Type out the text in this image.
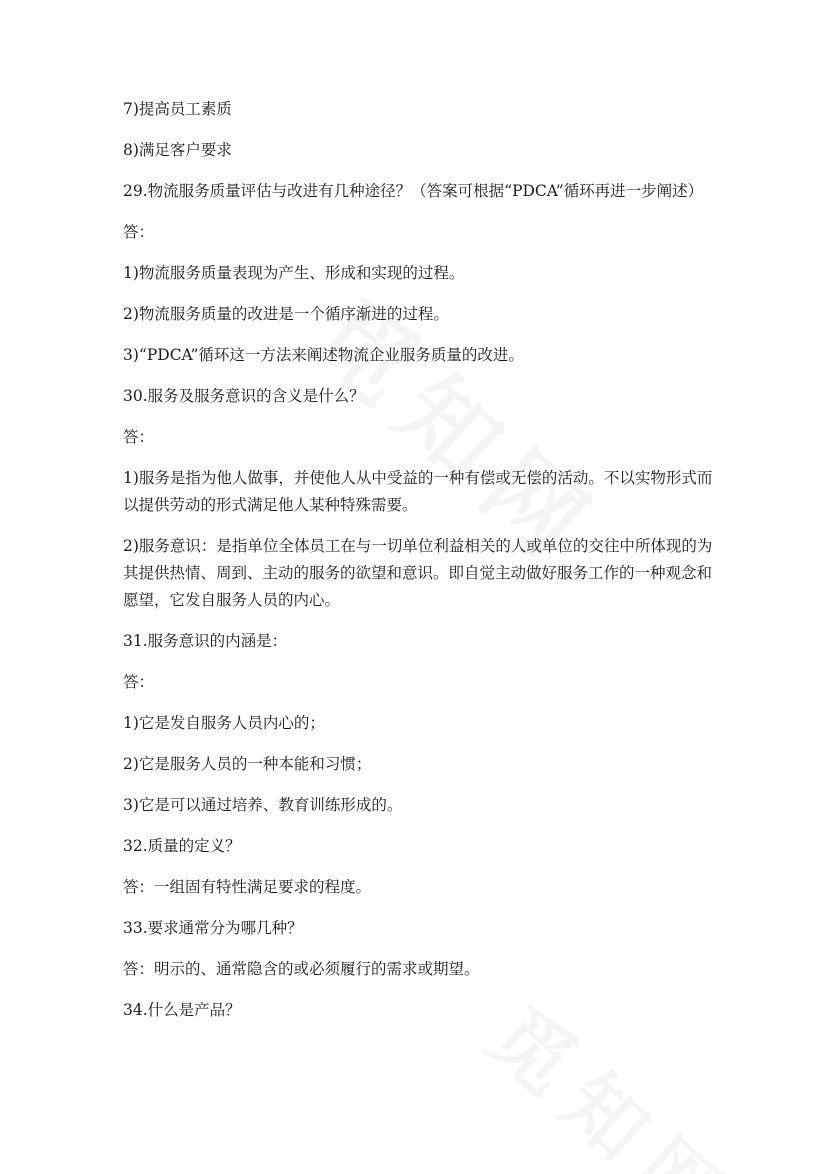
7)提高员工素质

8)满足客户要求

29.物流服务质量评估与改进有几种途径？（答案可根据“PDCA”循环再进一步阐述）

答：

1)物流服务质量表现为产生、形成和实现的过程。

2)物流服务质量的改进是一个循序渐进的过程。

3)“PDCA”循环这一方法来阐述物流企业服务质量的改进。

30.服务及服务意识的含义是什么？

答：

1)服务是指为他人做事，并使他人从中受益的一种有偿或无偿的活动。不以实物形式而以提供劳动的形式满足他人某种特殊需要。

2)服务意识：是指单位全体员工在与一切单位利益相关的人或单位的交往中所体现的为其提供热情、周到、主动的服务的欲望和意识。即自觉主动做好服务工作的一种观念和愿望，它发自服务人员的内心。

31.服务意识的内涵是：

答：

1)它是发自服务人员内心的；

2)它是服务人员的一种本能和习惯；

3)它是可以通过培养、教育训练形成的。

32.质量的定义？

答：一组固有特性满足要求的程度。

33.要求通常分为哪几种？

答：明示的、通常隐含的或必须履行的需求或期望。

34.什么是产品？
